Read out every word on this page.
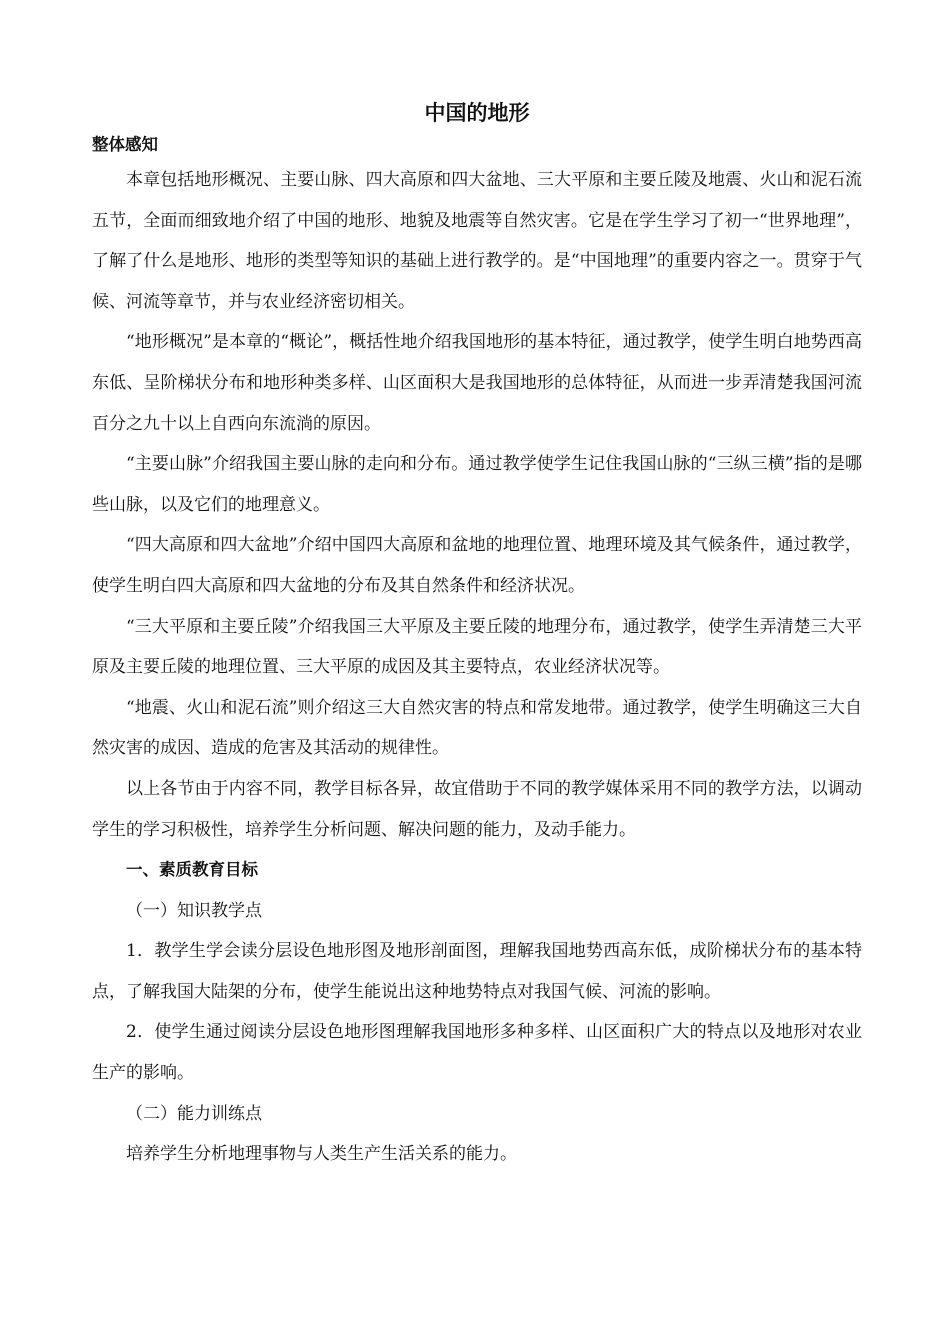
中国的地形

整体感知

本章包括地形概况、主要山脉、四大高原和四大盆地、三大平原和主要丘陵及地震、火山和泥石流五节，全面而细致地介绍了中国的地形、地貌及地震等自然灾害。它是在学生学习了初一“世界地理”，了解了什么是地形、地形的类型等知识的基础上进行教学的。是“中国地理”的重要内容之一。贯穿于气候、河流等章节，并与农业经济密切相关。

“地形概况”是本章的“概论”，概括性地介绍我国地形的基本特征，通过教学，使学生明白地势西高东低、呈阶梯状分布和地形种类多样、山区面积大是我国地形的总体特征，从而进一步弄清楚我国河流百分之九十以上自西向东流淌的原因。

“主要山脉”介绍我国主要山脉的走向和分布。通过教学使学生记住我国山脉的“三纵三横”指的是哪些山脉，以及它们的地理意义。

“四大高原和四大盆地”介绍中国四大高原和盆地的地理位置、地理环境及其气候条件，通过教学，使学生明白四大高原和四大盆地的分布及其自然条件和经济状况。

“三大平原和主要丘陵”介绍我国三大平原及主要丘陵的地理分布，通过教学，使学生弄清楚三大平原及主要丘陵的地理位置、三大平原的成因及其主要特点，农业经济状况等。

“地震、火山和泥石流”则介绍这三大自然灾害的特点和常发地带。通过教学，使学生明确这三大自然灾害的成因、造成的危害及其活动的规律性。

以上各节由于内容不同，教学目标各异，故宜借助于不同的教学媒体采用不同的教学方法，以调动学生的学习积极性，培养学生分析问题、解决问题的能力，及动手能力。

一、素质教育目标

（一）知识教学点

1．教学生学会读分层设色地形图及地形剖面图，理解我国地势西高东低，成阶梯状分布的基本特点，了解我国大陆架的分布，使学生能说出这种地势特点对我国气候、河流的影响。

2．使学生通过阅读分层设色地形图理解我国地形多种多样、山区面积广大的特点以及地形对农业生产的影响。

（二）能力训练点

培养学生分析地理事物与人类生产生活关系的能力。
